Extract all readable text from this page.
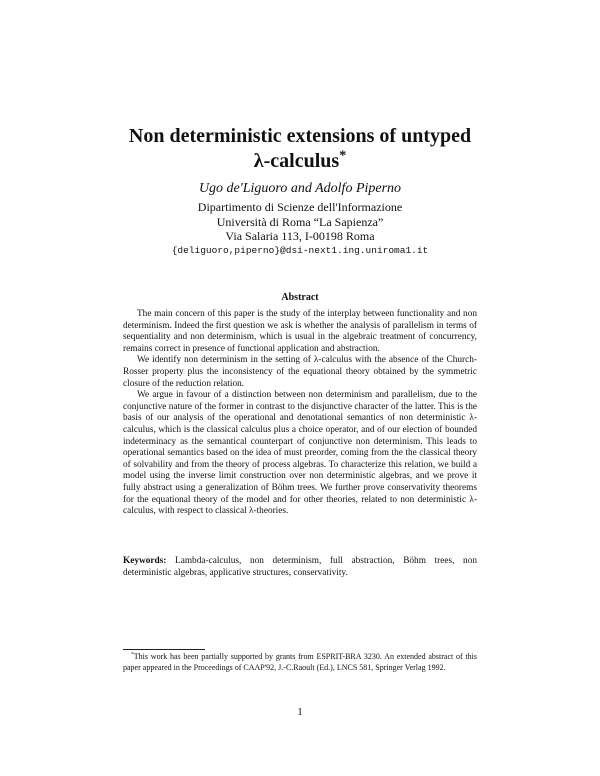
Non deterministic extensions of untyped
λ-calculus*
Ugo de'Liguoro and Adolfo Piperno
Dipartimento di Scienze dell'Informazione
Università di Roma “La Sapienza”
Via Salaria 113, I-00198 Roma
{deliguoro,piperno}@dsi-next1.ing.uniroma1.it
Abstract

The main concern of this paper is the study of the interplay between functionality and non determinism. Indeed the first question we ask is whether the analysis of parallelism in terms of sequentiality and non determinism, which is usual in the algebraic treatment of concurrency, remains correct in presence of functional application and abstraction.

We identify non determinism in the setting of λ-calculus with the absence of the Church-Rosser property plus the inconsistency of the equational theory obtained by the symmetric closure of the reduction relation.

We argue in favour of a distinction between non determinism and parallelism, due to the conjunctive nature of the former in contrast to the disjunctive character of the latter. This is the basis of our analysis of the operational and denotational semantics of non deterministic λ-calculus, which is the classical calculus plus a choice operator, and of our election of bounded indeterminacy as the semantical counterpart of conjunctive non determinism. This leads to operational semantics based on the idea of must preorder, coming from the the classical theory of solvability and from the theory of process algebras. To characterize this relation, we build a model using the inverse limit construction over non deterministic algebras, and we prove it fully abstract using a generalization of Böhm trees. We further prove conservativity theorems for the equational theory of the model and for other theories, related to non deterministic λ-calculus, with respect to classical λ-theories.

Keywords: Lambda-calculus, non determinism, full abstraction, Böhm trees, non deterministic algebras, applicative structures, conservativity.

*This work has been partially supported by grants from ESPRIT-BRA 3230. An extended abstract of this paper appeared in the Proceedings of CAAP'92, J.-C.Raoult (Ed.), LNCS 581, Springer Verlag 1992.

1
